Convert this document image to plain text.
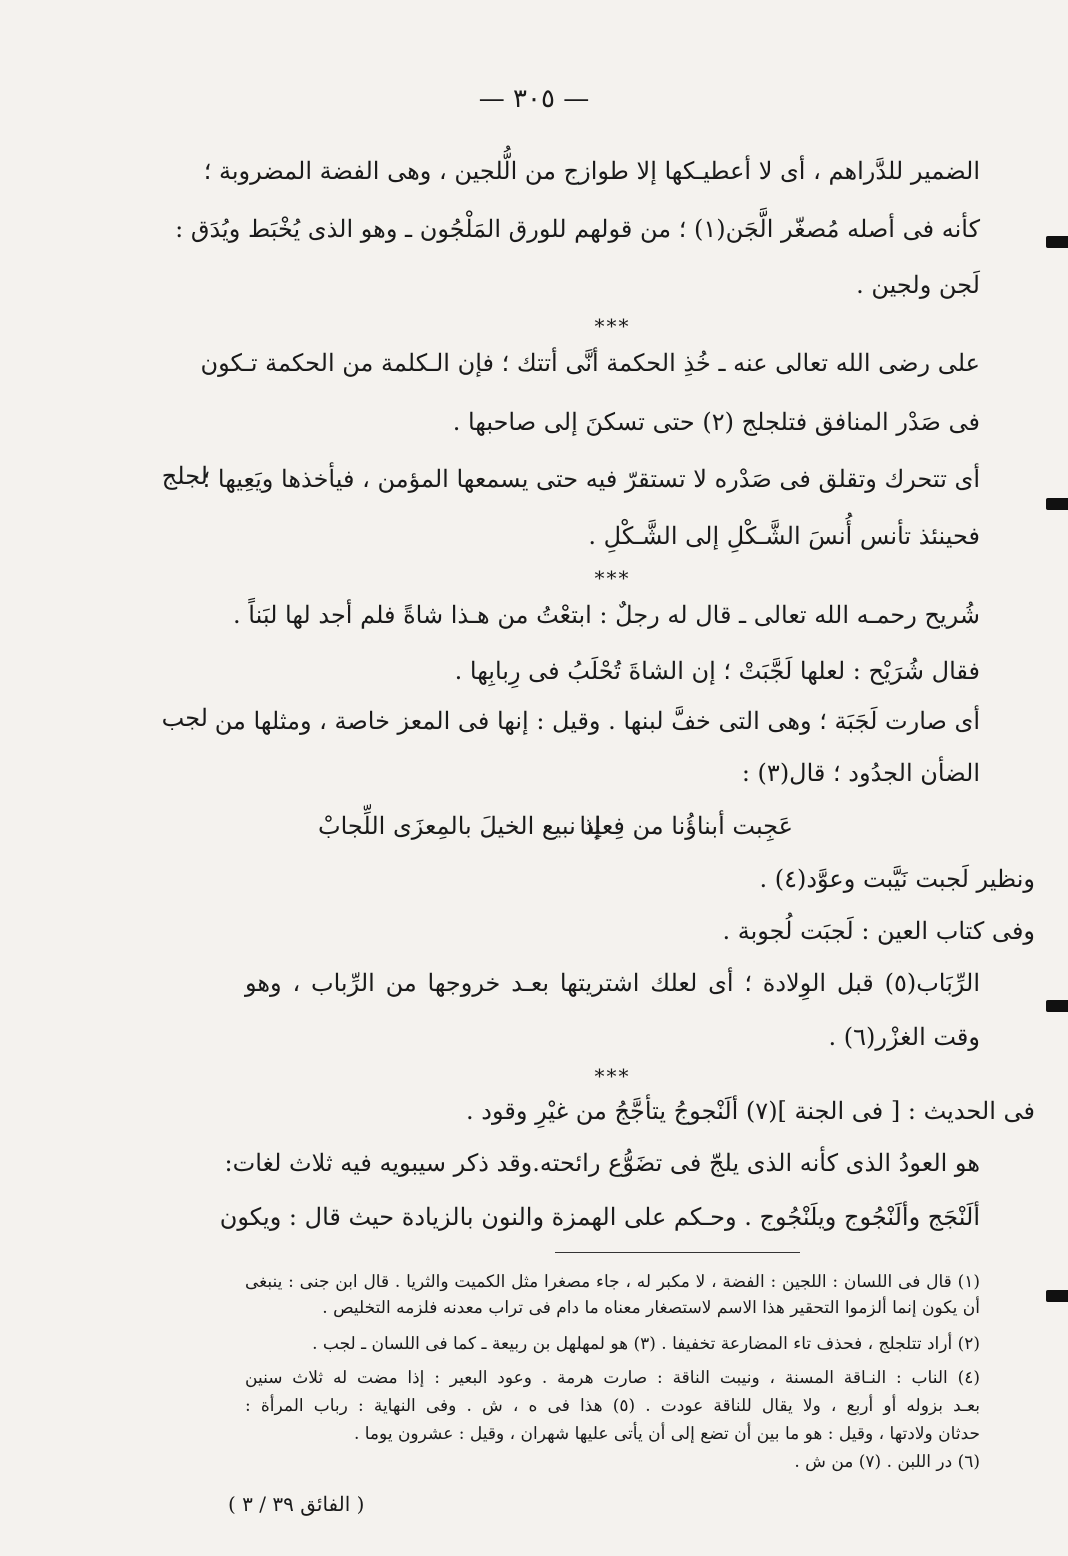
— ٣٠٥ —
الضمير للدَّراهم ، أى لا أعطيـكها إلا طوازج من الُّلجين ، وهى الفضة المضروبة ؛
كأنه فى أصله مُصغّر الَّجَن(١) ؛ من قولهم للورق المَلْجُون ـ وهو الذى يُخْبَط ويُدَق :
لَجن ولجين .
***
على رضى الله تعالى عنه ـ خُذِ الحكمة أنَّى أتتك ؛ فإن الـكلمة من الحكمة تـكون
فى صَدْر المنافق فتلجلج (٢) حتى تسكنَ إلى صاحبها .
لجلج
أى تتحرك وتقلق فى صَدْره لا تستقرّ فيه حتى يسمعها المؤمن ، فيأخذها ويَعِيها ؛
فحينئذ تأنس أُنسَ الشَّـكْلِ إلى الشَّـكْلِ .
***
شُريح رحمـه الله تعالى ـ قال له رجلٌ : ابتعْتُ من هـذا شاةً فلم أجد لها لبَناً .
فقال شُرَيْح : لعلها لَجَّبَتْ ؛ إن الشاةَ تُحْلَبُ فى رِبابِها .
لجب أى صارت لَجَبَة ؛ وهى التى خفَّ لبنها . وقيل : إنها فى المعز خاصة ، ومثلها من
الضأن الجدُود ؛ قال(٣) :
عَجِبت أبناؤُنا من فِعلِنا
إذ نبيع الخيلَ بالمِعزَى اللِّجابْ
ونظير لَجبت نَيَّبت وعوَّد(٤) .
وفى كتاب العين : لَجبَت لُجوبة .
الرِّبَاب(٥) قبل الوِلادة ؛ أى لعلك اشتريتها بعـد خروجها من الرِّباب ، وهو
وقت الغزْر(٦) .
***
فى الحديث : [ فى الجنة ](٧) ألَنْجوجُ يتأجَّجُ من غيْرِ وقود .
هو العودُ الذى كأنه الذى يلجّ فى تضَوُّع رائحته.وقد ذكر سيبويه فيه ثلاث لغات:
ألَنْجَج وألَنْجُوج ويلَنْجُوج . وحـكم على الهمزة والنون بالزيادة حيث قال : ويكون
(١) قال فى اللسان : اللجين : الفضة ، لا مكبر له ، جاء مصغرا مثل الكميت والثريا . قال ابن جنى : ينبغى
أن يكون إنما ألزموا التحقير هذا الاسم لاستصغار معناه ما دام فى تراب معدنه فلزمه التخليص .
(٢) أراد تتلجلج ، فحذف تاء المضارعة تخفيفا . (٣) هو لمهلهل بن ربيعة ـ كما فى اللسان ـ لجب .
(٤) الناب : النـاقة المسنة ، ونيبت الناقة : صارت هرمة . وعود البعير : إذا مضت له ثلاث سنين
بعـد بزوله أو أربع ، ولا يقال للناقة عودت . (٥) هذا فى ه ، ش . وفى النهاية : رباب المرأة :
حدثان ولادتها ، وقيل : هو ما بين أن تضع إلى أن يأتى عليها شهران ، وقيل : عشرون يوما .
(٦) در اللبن . (٧) من ش .
( الفائق ٣٩ / ٣ )
